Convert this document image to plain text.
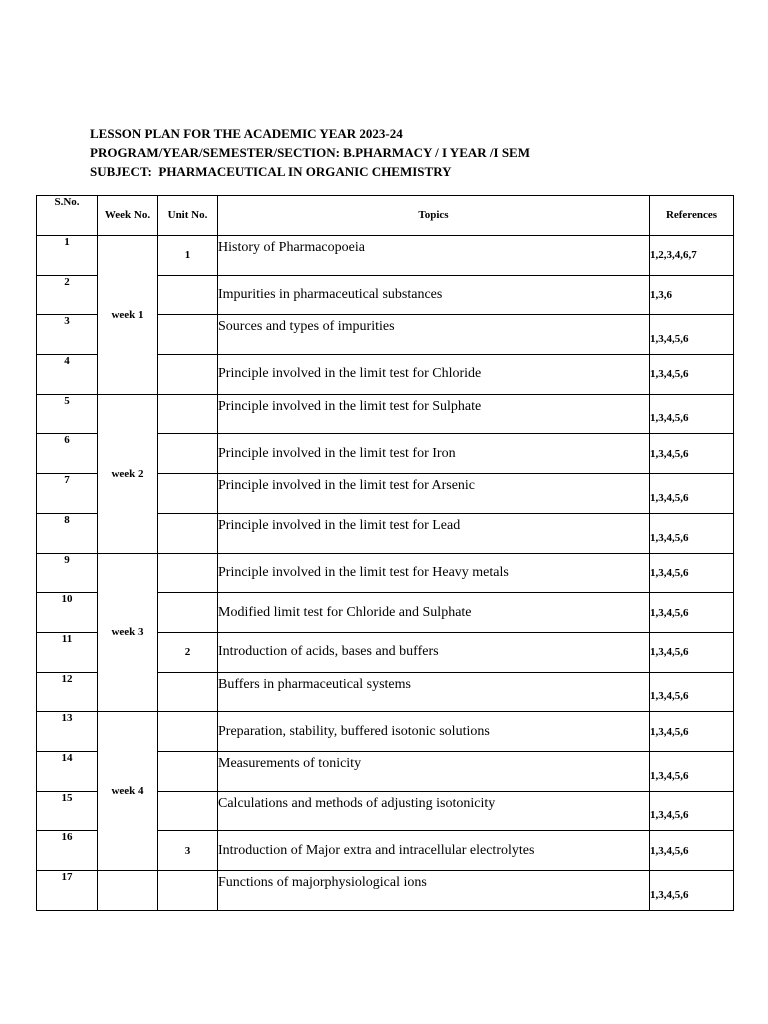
LESSON PLAN FOR THE ACADEMIC YEAR 2023-24
PROGRAM/YEAR/SEMESTER/SECTION: B.PHARMACY / I YEAR /I SEM
SUBJECT:  PHARMACEUTICAL IN ORGANIC CHEMISTRY
S.No.	Week No.	Unit No.	Topics	References
1	week 1	1	History of Pharmacopoeia	1,2,3,4,6,7
2			Impurities in pharmaceutical substances	1,3,6
3			Sources and types of impurities	1,3,4,5,6
4			Principle involved in the limit test for Chloride	1,3,4,5,6
5	week 2		Principle involved in the limit test for Sulphate	1,3,4,5,6
6			Principle involved in the limit test for Iron	1,3,4,5,6
7			Principle involved in the limit test for Arsenic	1,3,4,5,6
8			Principle involved in the limit test for Lead	1,3,4,5,6
9	week 3		Principle involved in the limit test for Heavy metals	1,3,4,5,6
10			Modified limit test for Chloride and Sulphate	1,3,4,5,6
11		2	Introduction of acids, bases and buffers	1,3,4,5,6
12			Buffers in pharmaceutical systems	1,3,4,5,6
13	week 4		Preparation, stability, buffered isotonic solutions	1,3,4,5,6
14			Measurements of tonicity	1,3,4,5,6
15			Calculations and methods of adjusting isotonicity	1,3,4,5,6
16		3	Introduction of Major extra and intracellular electrolytes	1,3,4,5,6
17			Functions of majorphysiological ions	1,3,4,5,6
